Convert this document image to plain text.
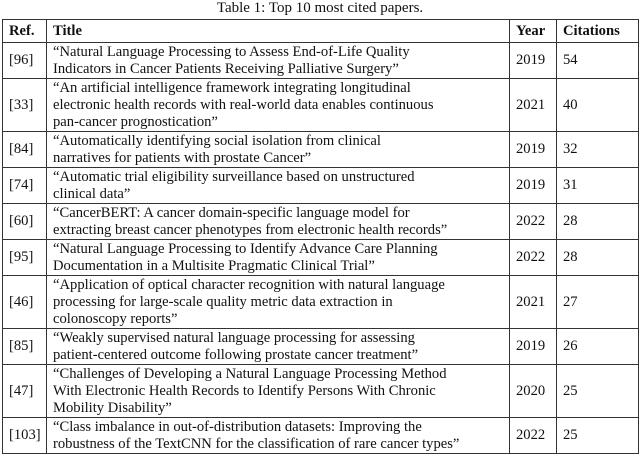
Table 1: Top 10 most cited papers.
Ref.	Title	Year	Citations
[96]	“Natural Language Processing to Assess End-of-Life Quality
Indicators in Cancer Patients Receiving Palliative Surgery”	2019	54
[33]	“An artificial intelligence framework integrating longitudinal
electronic health records with real-world data enables continuous
pan-cancer prognostication”	2021	40
[84]	“Automatically identifying social isolation from clinical
narratives for patients with prostate Cancer”	2019	32
[74]	“Automatic trial eligibility surveillance based on unstructured
clinical data”	2019	31
[60]	“CancerBERT: A cancer domain-specific language model for
extracting breast cancer phenotypes from electronic health records”	2022	28
[95]	“Natural Language Processing to Identify Advance Care Planning
Documentation in a Multisite Pragmatic Clinical Trial”	2022	28
[46]	“Application of optical character recognition with natural language
processing for large-scale quality metric data extraction in
colonoscopy reports”	2021	27
[85]	“Weakly supervised natural language processing for assessing
patient-centered outcome following prostate cancer treatment”	2019	26
[47]	“Challenges of Developing a Natural Language Processing Method
With Electronic Health Records to Identify Persons With Chronic
Mobility Disability”	2020	25
[103]	“Class imbalance in out-of-distribution datasets: Improving the
robustness of the TextCNN for the classification of rare cancer types”	2022	25
